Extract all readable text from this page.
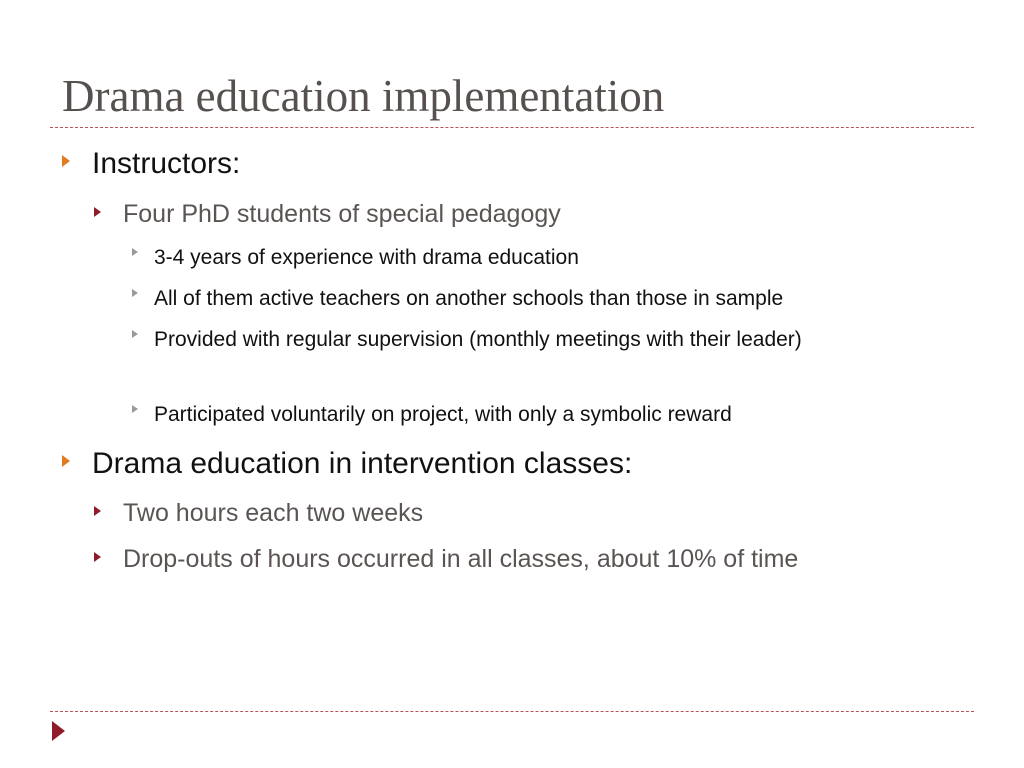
Drama education implementation
Instructors:
Four PhD students of special pedagogy
3-4 years of experience with drama education
All of them active teachers on another schools than those in sample
Provided with regular supervision (monthly meetings with their leader)
Participated voluntarily on project, with only a symbolic reward
Drama education in intervention classes:
Two hours each two weeks
Drop-outs of hours occurred in all classes, about 10% of time
